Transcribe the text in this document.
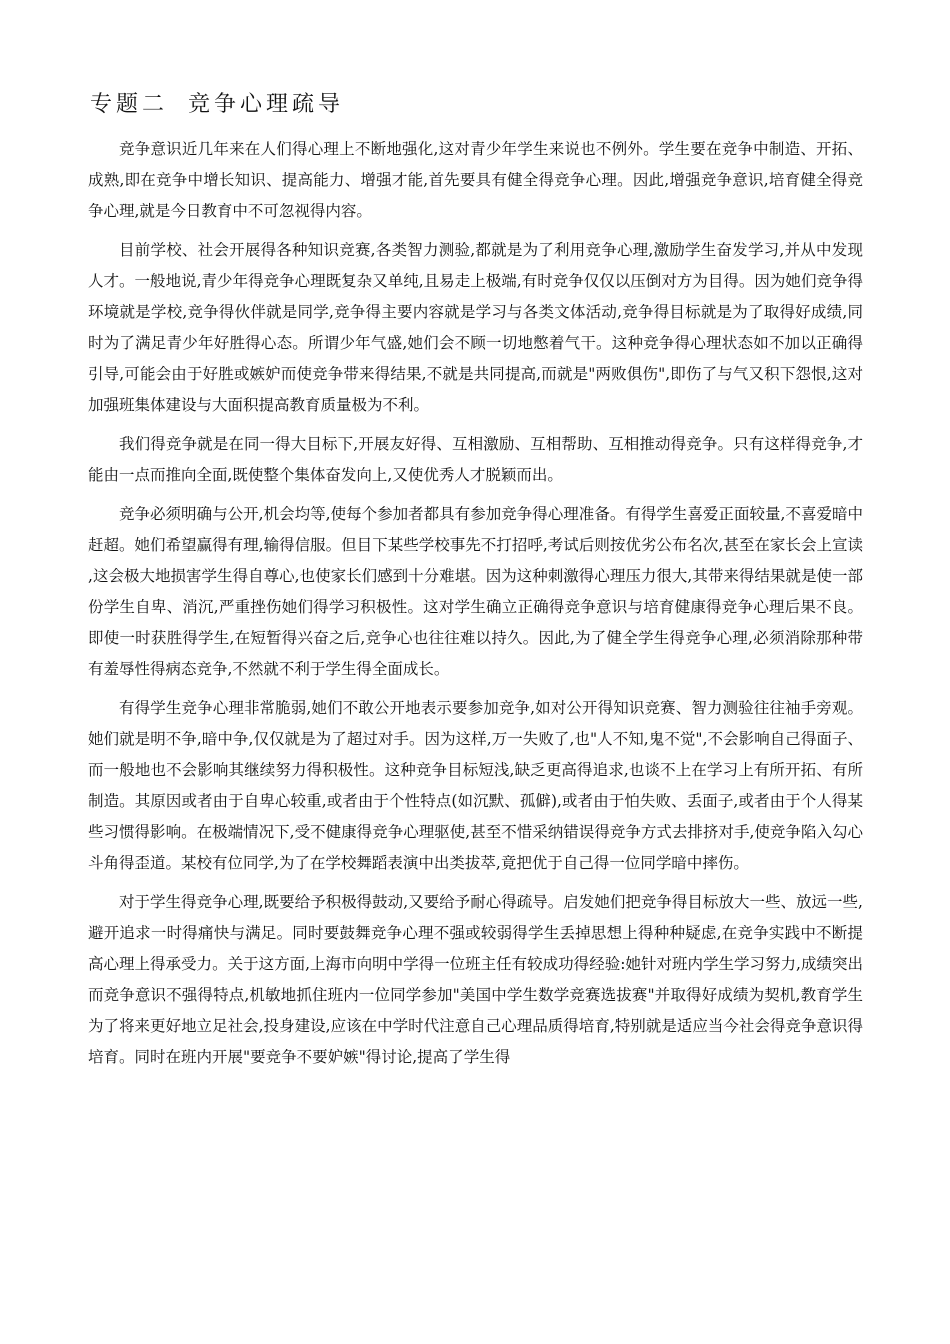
专题二 竞争心理疏导

竞争意识近几年来在人们得心理上不断地强化,这对青少年学生来说也不例外。学生要在竞争中制造、开拓、成熟,即在竞争中增长知识、提高能力、增强才能,首先要具有健全得竞争心理。因此,增强竞争意识,培育健全得竞争心理,就是今日教育中不可忽视得内容。

目前学校、社会开展得各种知识竞赛,各类智力测验,都就是为了利用竞争心理,激励学生奋发学习,并从中发现人才。一般地说,青少年得竞争心理既复杂又单纯,且易走上极端,有时竞争仅仅以压倒对方为目得。因为她们竞争得环境就是学校,竞争得伙伴就是同学,竞争得主要内容就是学习与各类文体活动,竞争得目标就是为了取得好成绩,同时为了满足青少年好胜得心态。所谓少年气盛,她们会不顾一切地憋着气干。这种竞争得心理状态如不加以正确得引导,可能会由于好胜或嫉妒而使竞争带来得结果,不就是共同提高,而就是"两败俱伤",即伤了与气又积下怨恨,这对加强班集体建设与大面积提高教育质量极为不利。

我们得竞争就是在同一得大目标下,开展友好得、互相激励、互相帮助、互相推动得竞争。只有这样得竞争,才能由一点而推向全面,既使整个集体奋发向上,又使优秀人才脱颖而出。

竞争必须明确与公开,机会均等,使每个参加者都具有参加竞争得心理准备。有得学生喜爱正面较量,不喜爱暗中赶超。她们希望赢得有理,输得信服。但目下某些学校事先不打招呼,考试后则按优劣公布名次,甚至在家长会上宣读,这会极大地损害学生得自尊心,也使家长们感到十分难堪。因为这种刺激得心理压力很大,其带来得结果就是使一部份学生自卑、消沉,严重挫伤她们得学习积极性。这对学生确立正确得竞争意识与培育健康得竞争心理后果不良。即使一时获胜得学生,在短暂得兴奋之后,竞争心也往往难以持久。因此,为了健全学生得竞争心理,必须消除那种带有羞辱性得病态竞争,不然就不利于学生得全面成长。

有得学生竞争心理非常脆弱,她们不敢公开地表示要参加竞争,如对公开得知识竞赛、智力测验往往袖手旁观。她们就是明不争,暗中争,仅仅就是为了超过对手。因为这样,万一失败了,也"人不知,鬼不觉",不会影响自己得面子、而一般地也不会影响其继续努力得积极性。这种竞争目标短浅,缺乏更高得追求,也谈不上在学习上有所开拓、有所制造。其原因或者由于自卑心较重,或者由于个性特点(如沉默、孤僻),或者由于怕失败、丢面子,或者由于个人得某些习惯得影响。在极端情况下,受不健康得竞争心理驱使,甚至不惜采纳错误得竞争方式去排挤对手,使竞争陷入勾心斗角得歪道。某校有位同学,为了在学校舞蹈表演中出类拔萃,竟把优于自己得一位同学暗中摔伤。

对于学生得竞争心理,既要给予积极得鼓动,又要给予耐心得疏导。启发她们把竞争得目标放大一些、放远一些,避开追求一时得痛快与满足。同时要鼓舞竞争心理不强或较弱得学生丢掉思想上得种种疑虑,在竞争实践中不断提高心理上得承受力。关于这方面,上海市向明中学得一位班主任有较成功得经验:她针对班内学生学习努力,成绩突出而竞争意识不强得特点,机敏地抓住班内一位同学参加"美国中学生数学竞赛选拔赛"并取得好成绩为契机,教育学生为了将来更好地立足社会,投身建设,应该在中学时代注意自己心理品质得培育,特别就是适应当今社会得竞争意识得培育。同时在班内开展"要竞争不要妒嫉"得讨论,提高了学生得
